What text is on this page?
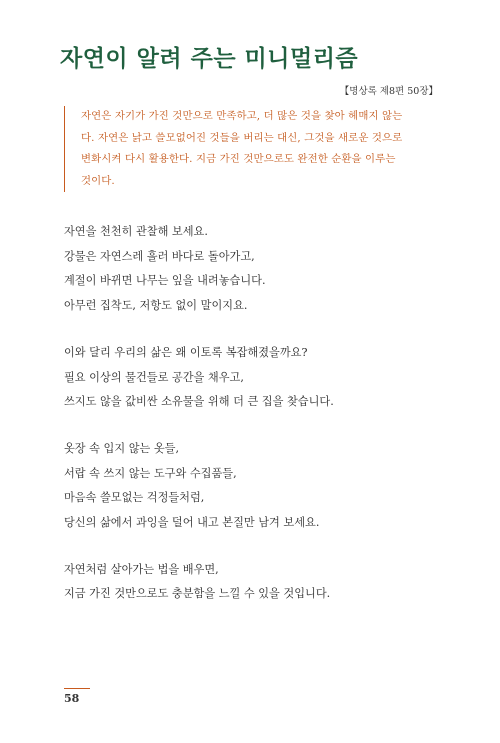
자연이 알려 주는 미니멀리즘
【명상록 제8편 50장】

자연은 자기가 가진 것만으로 만족하고, 더 많은 것을 찾아 헤매지 않는
다. 자연은 낡고 쓸모없어진 것들을 버리는 대신, 그것을 새로운 것으로
변화시켜 다시 활용한다. 지금 가진 것만으로도 완전한 순환을 이루는
것이다.

자연을 천천히 관찰해 보세요.
강물은 자연스레 흘러 바다로 돌아가고,
계절이 바뀌면 나무는 잎을 내려놓습니다.
아무런 집착도, 저항도 없이 말이지요.
이와 달리 우리의 삶은 왜 이토록 복잡해졌을까요?
필요 이상의 물건들로 공간을 채우고,
쓰지도 않을 값비싼 소유물을 위해 더 큰 집을 찾습니다.
옷장 속 입지 않는 옷들,
서랍 속 쓰지 않는 도구와 수집품들,
마음속 쓸모없는 걱정들처럼,
당신의 삶에서 과잉을 덜어 내고 본질만 남겨 보세요.
자연처럼 살아가는 법을 배우면,
지금 가진 것만으로도 충분함을 느낄 수 있을 것입니다.
58
